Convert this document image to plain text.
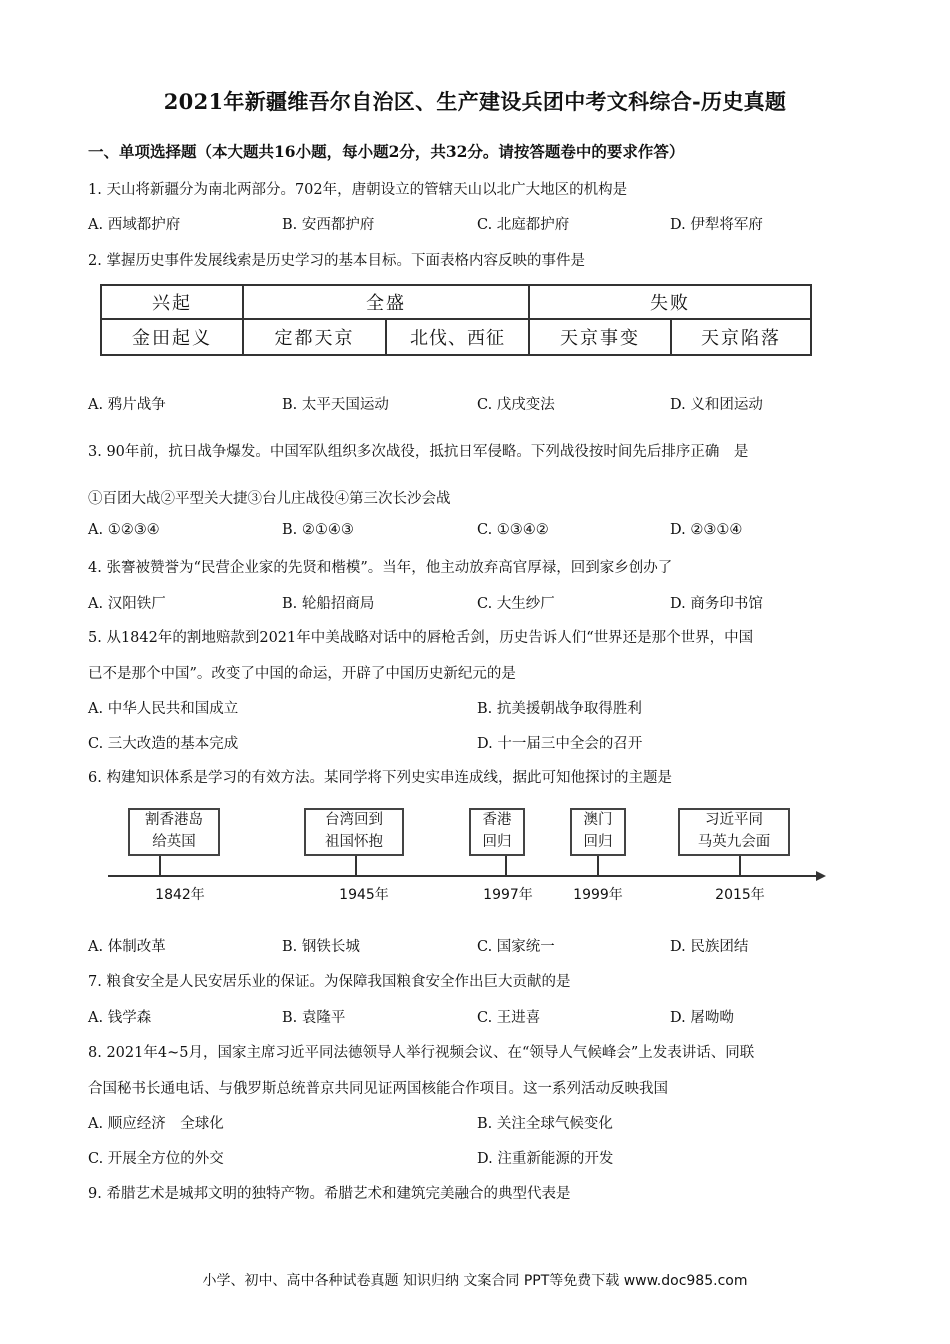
2021年新疆维吾尔自治区、生产建设兵团中考文科综合-历史真题
一、单项选择题（本大题共16小题，每小题2分，共32分。请按答题卷中的要求作答）
1. 天山将新疆分为南北两部分。702年，唐朝设立的管辖天山以北广大地区的机构是
A. 西域都护府	B. 安西都护府	C. 北庭都护府	D. 伊犁将军府
2. 掌握历史事件发展线索是历史学习的基本目标。下面表格内容反映的事件是
兴起	全盛	失败
金田起义	定都天京	北伐、西征	天京事变	天京陷落
A. 鸦片战争	B. 太平天国运动	C. 戊戌变法	D. 义和团运动
3. 90年前，抗日战争爆发。中国军队组织多次战役，抵抗日军侵略。下列战役按时间先后排序正确　是
①百团大战②平型关大捷③台儿庄战役④第三次长沙会战
A. ①②③④	B. ②①④③	C. ①③④②	D. ②③①④
4. 张謇被赞誉为“民营企业家的先贤和楷模”。当年，他主动放弃高官厚禄，回到家乡创办了
A. 汉阳铁厂	B. 轮船招商局	C. 大生纱厂	D. 商务印书馆
5. 从1842年的割地赔款到2021年中美战略对话中的唇枪舌剑，历史告诉人们“世界还是那个世界，中国
已不是那个中国”。改变了中国的命运，开辟了中国历史新纪元的是
A. 中华人民共和国成立	B. 抗美援朝战争取得胜利
C. 三大改造的基本完成	D. 十一届三中全会的召开
6. 构建知识体系是学习的有效方法。某同学将下列史实串连成线，据此可知他探讨的主题是
割香港岛
给英国
台湾回到
祖国怀抱
香港
回归
澳门
回归
习近平同
马英九会面
1842年	1945年	1997年	1999年	2015年
A. 体制改革	B. 钢铁长城	C. 国家统一	D. 民族团结
7. 粮食安全是人民安居乐业的保证。为保障我国粮食安全作出巨大贡献的是
A. 钱学森	B. 袁隆平	C. 王进喜	D. 屠呦呦
8. 2021年4~5月，国家主席习近平同法德领导人举行视频会议、在“领导人气候峰会”上发表讲话、同联
合国秘书长通电话、与俄罗斯总统普京共同见证两国核能合作项目。这一系列活动反映我国
A. 顺应经济　全球化	B. 关注全球气候变化
C. 开展全方位的外交	D. 注重新能源的开发
9. 希腊艺术是城邦文明的独特产物。希腊艺术和建筑完美融合的典型代表是
小学、初中、高中各种试卷真题 知识归纳 文案合同 PPT等免费下载 www.doc985.com
